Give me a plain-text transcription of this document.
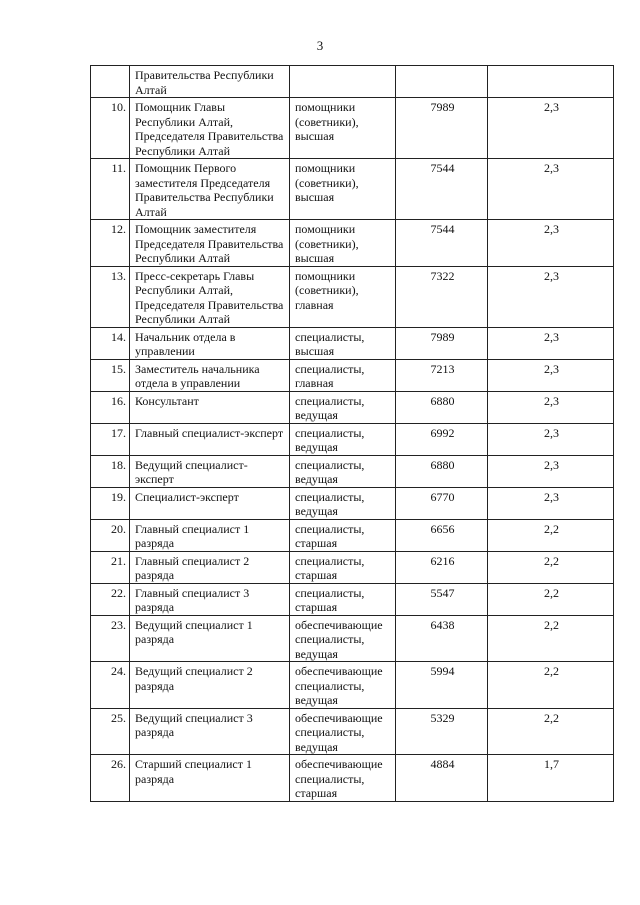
3
	Правительства Республики Алтай			
10.	Помощник Главы Республики Алтай, Председателя Правительства Республики Алтай	помощники (советники), высшая	7989	2,3
11.	Помощник Первого заместителя Председателя Правительства Республики Алтай	помощники (советники), высшая	7544	2,3
12.	Помощник заместителя Председателя Правительства Республики Алтай	помощники (советники), высшая	7544	2,3
13.	Пресс-секретарь Главы Республики Алтай, Председателя Правительства Республики Алтай	помощники (советники), главная	7322	2,3
14.	Начальник отдела в управлении	специалисты, высшая	7989	2,3
15.	Заместитель начальника отдела в управлении	специалисты, главная	7213	2,3
16.	Консультант	специалисты, ведущая	6880	2,3
17.	Главный специалист-эксперт	специалисты, ведущая	6992	2,3
18.	Ведущий специалист-эксперт	специалисты, ведущая	6880	2,3
19.	Специалист-эксперт	специалисты, ведущая	6770	2,3
20.	Главный специалист 1 разряда	специалисты, старшая	6656	2,2
21.	Главный специалист 2 разряда	специалисты, старшая	6216	2,2
22.	Главный специалист 3 разряда	специалисты, старшая	5547	2,2
23.	Ведущий специалист 1 разряда	обеспечивающие специалисты, ведущая	6438	2,2
24.	Ведущий специалист 2 разряда	обеспечивающие специалисты, ведущая	5994	2,2
25.	Ведущий специалист 3 разряда	обеспечивающие специалисты, ведущая	5329	2,2
26.	Старший специалист 1 разряда	обеспечивающие специалисты, старшая	4884	1,7
